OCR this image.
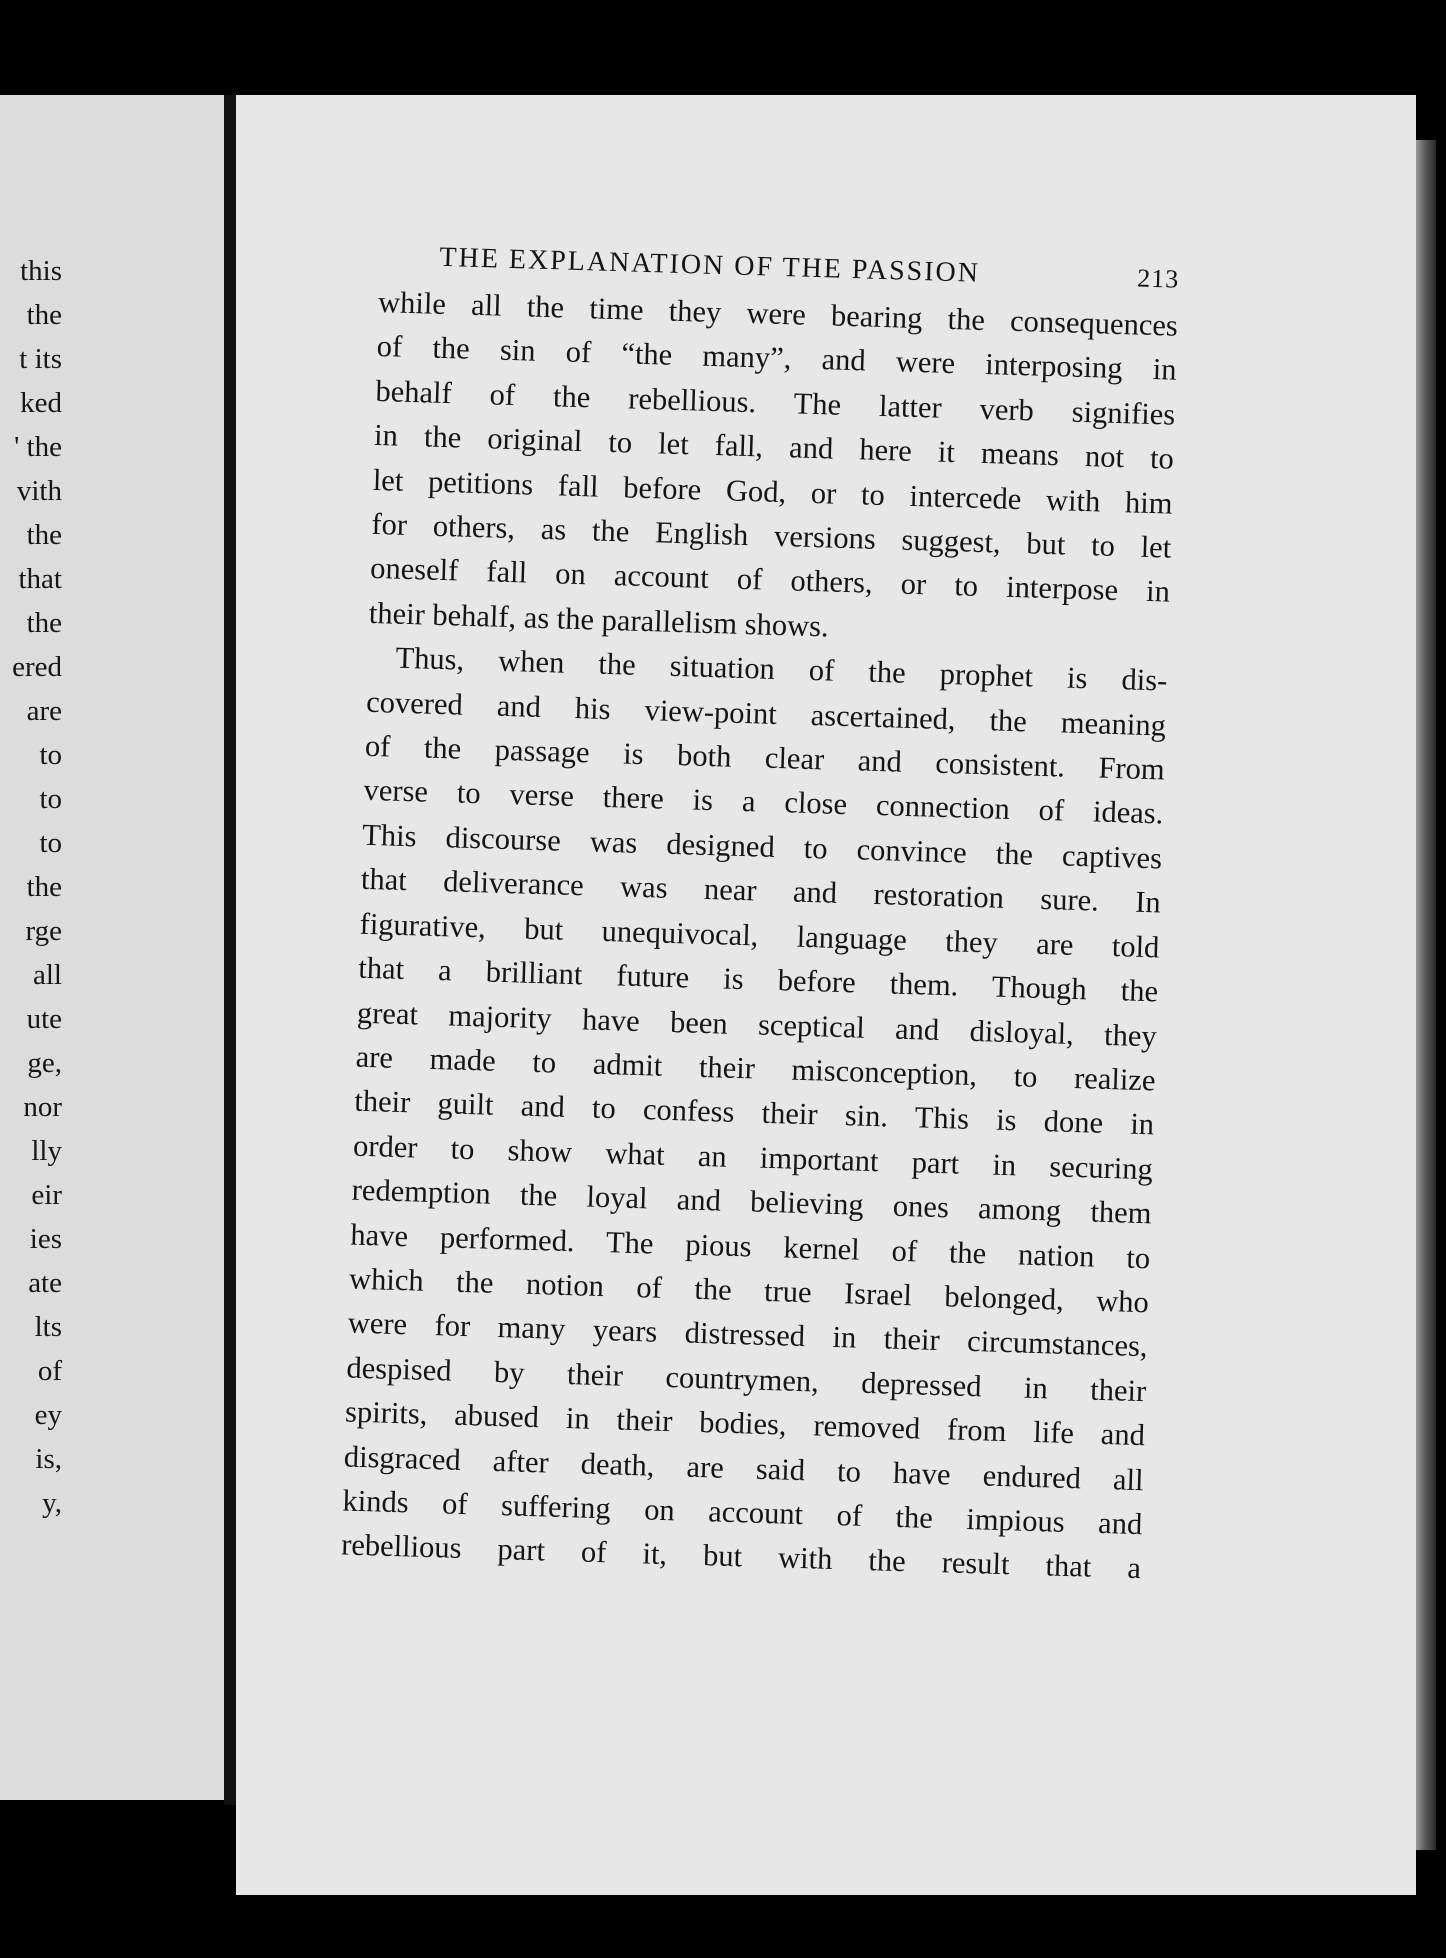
this
the
t its
ked
' the
vith
the
that
the
ered
are
to
to
to
the
rge
all
ute
ge,
nor
lly
eir
ies
ate
lts
of
ey
is,
y,
THE EXPLANATION OF THE PASSION	213
while all the time they were bearing the consequences
of the sin of “the many”, and were interposing in
behalf of the rebellious. The latter verb signifies
in the original to let fall, and here it means not to
let petitions fall before God, or to intercede with him
for others, as the English versions suggest, but to let
oneself fall on account of others, or to interpose in
their behalf, as the parallelism shows.
Thus, when the situation of the prophet is dis-
covered and his view-point ascertained, the meaning
of the passage is both clear and consistent. From
verse to verse there is a close connection of ideas.
This discourse was designed to convince the captives
that deliverance was near and restoration sure. In
figurative, but unequivocal, language they are told
that a brilliant future is before them. Though the
great majority have been sceptical and disloyal, they
are made to admit their misconception, to realize
their guilt and to confess their sin. This is done in
order to show what an important part in securing
redemption the loyal and believing ones among them
have performed. The pious kernel of the nation to
which the notion of the true Israel belonged, who
were for many years distressed in their circumstances,
despised by their countrymen, depressed in their
spirits, abused in their bodies, removed from life and
disgraced after death, are said to have endured all
kinds of suffering on account of the impious and
rebellious part of it, but with the result that a
